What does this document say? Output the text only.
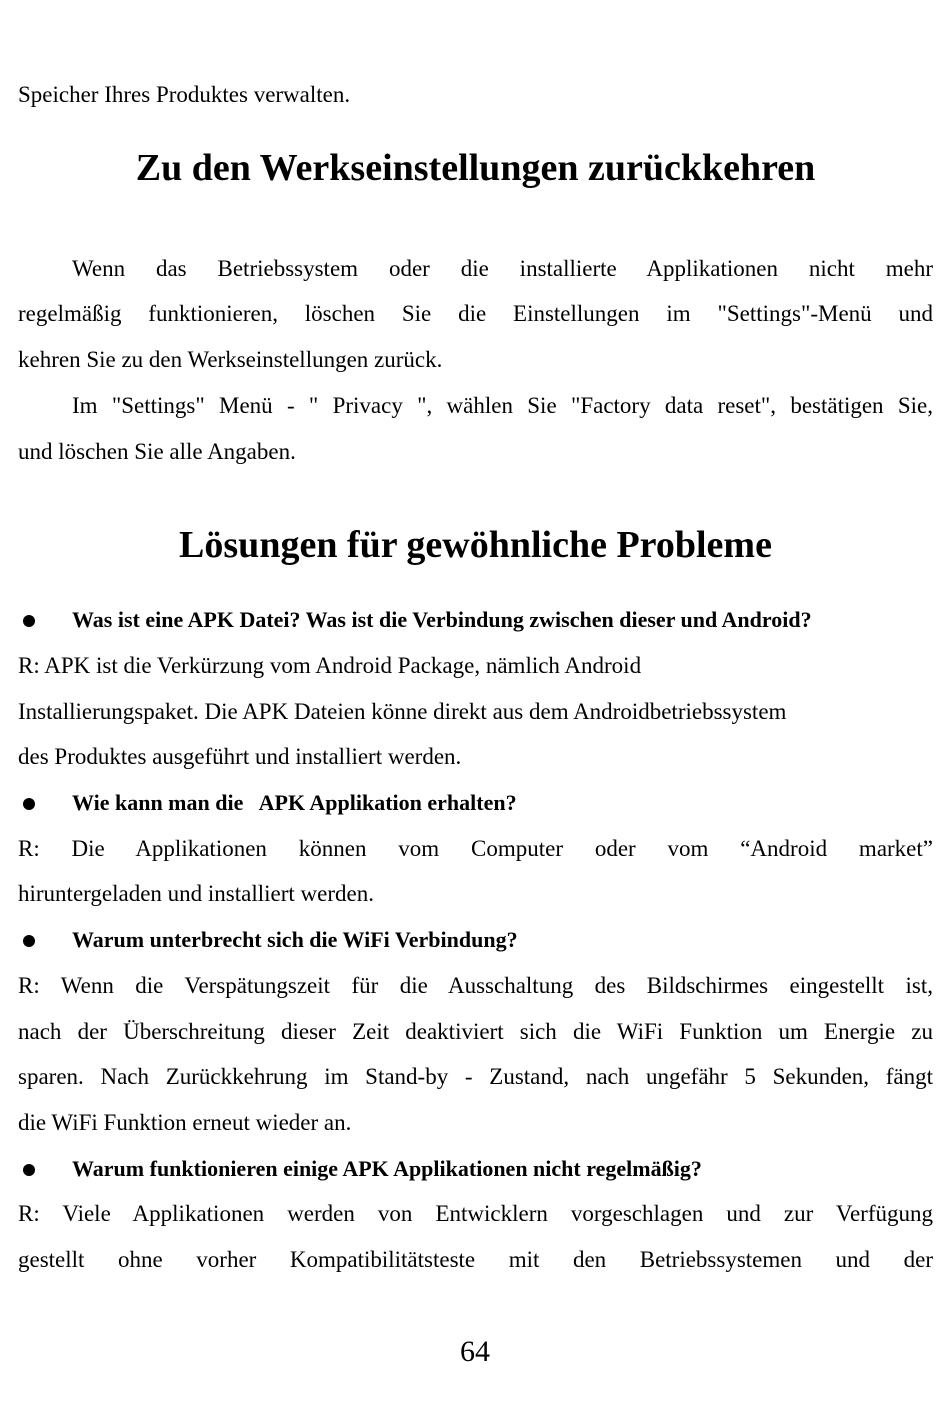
Speicher Ihres Produktes verwalten.

Zu den Werkseinstellungen zurückkehren

Wenn das Betriebssystem oder die installierte Applikationen nicht mehr

regelmäßig funktionieren, löschen Sie die Einstellungen im "Settings"-Menü und

kehren Sie zu den Werkseinstellungen zurück.

Im "Settings" Menü - " Privacy ", wählen Sie "Factory data reset", bestätigen Sie,

und löschen Sie alle Angaben.

Lösungen für gewöhnliche Probleme
Was ist eine APK Datei? Was ist die Verbindung zwischen dieser und Android?

R: APK ist die Verkürzung vom Android Package, nämlich Android

Installierungspaket. Die APK Dateien könne direkt aus dem Androidbetriebssystem

des Produktes ausgeführt und installiert werden.

Wie kann man die   APK Applikation erhalten?

R: Die Applikationen können vom Computer oder vom “Android market”

hiruntergeladen und installiert werden.

Warum unterbrecht sich die WiFi Verbindung?

R: Wenn die Verspätungszeit für die Ausschaltung des Bildschirmes eingestellt ist,

nach der Überschreitung dieser Zeit deaktiviert sich die WiFi Funktion um Energie zu

sparen. Nach Zurückkehrung im Stand-by - Zustand, nach ungefähr 5 Sekunden, fängt

die WiFi Funktion erneut wieder an.

Warum funktionieren einige APK Applikationen nicht regelmäßig?

R: Viele Applikationen werden von Entwicklern vorgeschlagen und zur Verfügung

gestellt ohne vorher Kompatibilitätsteste mit den Betriebssystemen und der

64
